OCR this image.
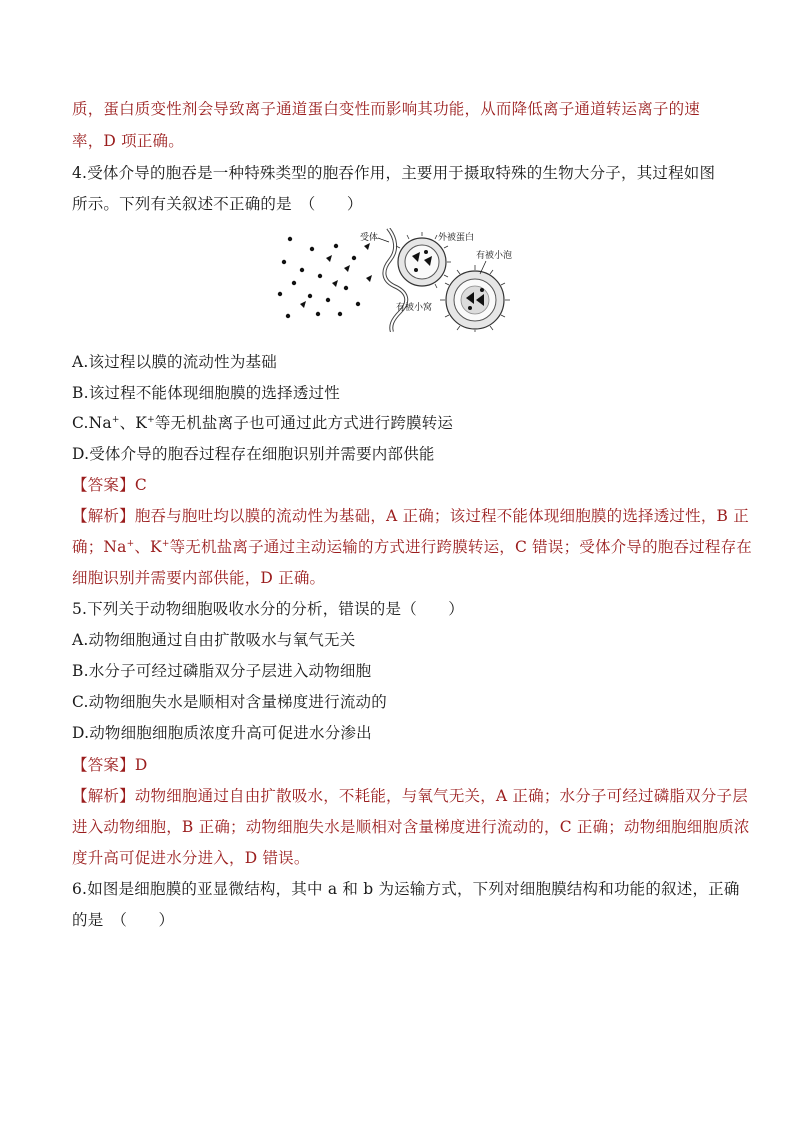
质，蛋白质变性剂会导致离子通道蛋白变性而影响其功能，从而降低离子通道转运离子的速
率，D 项正确。
4.受体介导的胞吞是一种特殊类型的胞吞作用，主要用于摄取特殊的生物大分子，其过程如图
所示。下列有关叙述不正确的是　（　　）
受体	外被蛋白
有被小泡
有被小窝
A.该过程以膜的流动性为基础
B.该过程不能体现细胞膜的选择透过性
C.Na+、K+等无机盐离子也可通过此方式进行跨膜转运
D.受体介导的胞吞过程存在细胞识别并需要内部供能
【答案】C
【解析】胞吞与胞吐均以膜的流动性为基础，A 正确；该过程不能体现细胞膜的选择透过性，B 正
确；Na+、K+等无机盐离子通过主动运输的方式进行跨膜转运，C 错误；受体介导的胞吞过程存在
细胞识别并需要内部供能，D 正确。
5.下列关于动物细胞吸收水分的分析，错误的是（　　）
A.动物细胞通过自由扩散吸水与氧气无关
B.水分子可经过磷脂双分子层进入动物细胞
C.动物细胞失水是顺相对含量梯度进行流动的
D.动物细胞细胞质浓度升高可促进水分渗出
【答案】D
【解析】动物细胞通过自由扩散吸水，不耗能，与氧气无关，A 正确；水分子可经过磷脂双分子层
进入动物细胞，B 正确；动物细胞失水是顺相对含量梯度进行流动的，C 正确；动物细胞细胞质浓
度升高可促进水分进入，D 错误。
6.如图是细胞膜的亚显微结构，其中 a 和 b 为运输方式，下列对细胞膜结构和功能的叙述，正确
的是　（　　）
